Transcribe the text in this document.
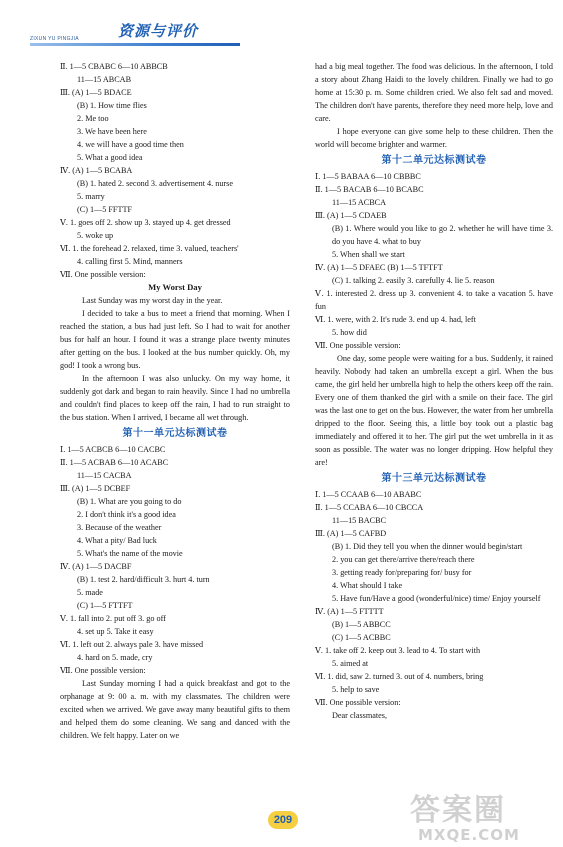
资源与评价
ZIXUN YU PINGJIA
Ⅱ. 1—5 CBABC 6—10 ABBCB
11—15 ABCAB
Ⅲ. (A) 1—5 BDACE
(B) 1. How time flies
2. Me too
3. We have been here
4. we will have a good time then
5. What a good idea
Ⅳ. (A) 1—5 BCABA
(B) 1. hated 2. second 3. advertisement 4. nurse
5. marry
(C) 1—5 FFTTF
Ⅴ. 1. goes off 2. show up 3. stayed up 4. get dressed
5. woke up
Ⅵ. 1. the forehead 2. relaxed, time 3. valued, teachers'
4. calling first 5. Mind, manners
Ⅶ. One possible version:
My Worst Day
Last Sunday was my worst day in the year.
I decided to take a bus to meet a friend that morning. When I reached the station, a bus had just left. So I had to wait for another bus for half an hour. I found it was a strange place twenty minutes after getting on the bus. I looked at the bus number quickly. Oh, my god! I took a wrong bus.
In the afternoon I was also unlucky. On my way home, it suddenly got dark and began to rain heavily. Since I had no umbrella and couldn't find places to keep off the rain, I had to run straight to the bus station. When I arrived, I became all wet through.
第十一单元达标测试卷
Ⅰ. 1—5 ACBCB 6—10 CACBC
Ⅱ. 1—5 ACBAB 6—10 ACABC
11—15 CACBA
Ⅲ. (A) 1—5 DCBEF
(B) 1. What are you going to do
2. I don't think it's a good idea
3. Because of the weather
4. What a pity/ Bad luck
5. What's the name of the movie
Ⅳ. (A) 1—5 DACBF
(B) 1. test 2. hard/difficult 3. hurt 4. turn
5. made
(C) 1—5 FTTFT
Ⅴ. 1. fall into 2. put off 3. go off
4. set up 5. Take it easy
Ⅵ. 1. left out 2. always pale 3. have missed
4. hard on 5. made, cry
Ⅶ. One possible version:
Last Sunday morning I had a quick breakfast and got to the orphanage at 9: 00 a. m. with my classmates. The children were excited when we arrived. We gave away many beautiful gifts to them and helped them do some cleaning. We sang and danced with the children. We felt happy. Later on we
had a big meal together. The food was delicious. In the afternoon, I told a story about Zhang Haidi to the lovely children. Finally we had to go home at 15:30 p. m. Some children cried. We also felt sad and moved. The children don't have parents, therefore they need more help, love and care.
I hope everyone can give some help to these children. Then the world will become brighter and warmer.
第十二单元达标测试卷
Ⅰ. 1—5 BABAA 6—10 CBBBC
Ⅱ. 1—5 BACAB 6—10 BCABC
11—15 ACBCA
Ⅲ. (A) 1—5 CDAEB
(B) 1. Where would you like to go 2. whether he will have time 3. do you have 4. what to buy
5. When shall we start
Ⅳ. (A) 1—5 DFAEC (B) 1—5 TFTFT
(C) 1. talking 2. easily 3. carefully 4. lie 5. reason
Ⅴ. 1. interested 2. dress up 3. convenient 4. to take a vacation 5. have fun
Ⅵ. 1. were, with 2. It's rude 3. end up 4. had, left
5. how did
Ⅶ. One possible version:
One day, some people were waiting for a bus. Suddenly, it rained heavily. Nobody had taken an umbrella except a girl. When the bus came, the girl held her umbrella high to help the others keep off the rain. Every one of them thanked the girl with a smile on their face. The girl was the last one to get on the bus. However, the water from her umbrella dripped to the floor. Seeing this, a little boy took out a plastic bag immediately and offered it to her. The girl put the wet umbrella in it as soon as possible. The water was no longer dripping. How helpful they are!
第十三单元达标测试卷
Ⅰ. 1—5 CCAAB 6—10 ABABC
Ⅱ. 1—5 CCABA 6—10 CBCCA
11—15 BACBC
Ⅲ. (A) 1—5 CAFBD
(B) 1. Did they tell you when the dinner would begin/start
2. you can get there/arrive there/reach there
3. getting ready for/preparing for/ busy for
4. What should I take
5. Have fun/Have a good (wonderful/nice) time/ Enjoy yourself
Ⅳ. (A) 1—5 FTTTT
(B) 1—5 ABBCC
(C) 1—5 ACBBC
Ⅴ. 1. take off 2. keep out 3. lead to 4. To start with
5. aimed at
Ⅵ. 1. did, saw 2. turned 3. out of 4. numbers, bring
5. help to save
Ⅶ. One possible version:
Dear classmates,
209	答案圈
MXQE.COM
